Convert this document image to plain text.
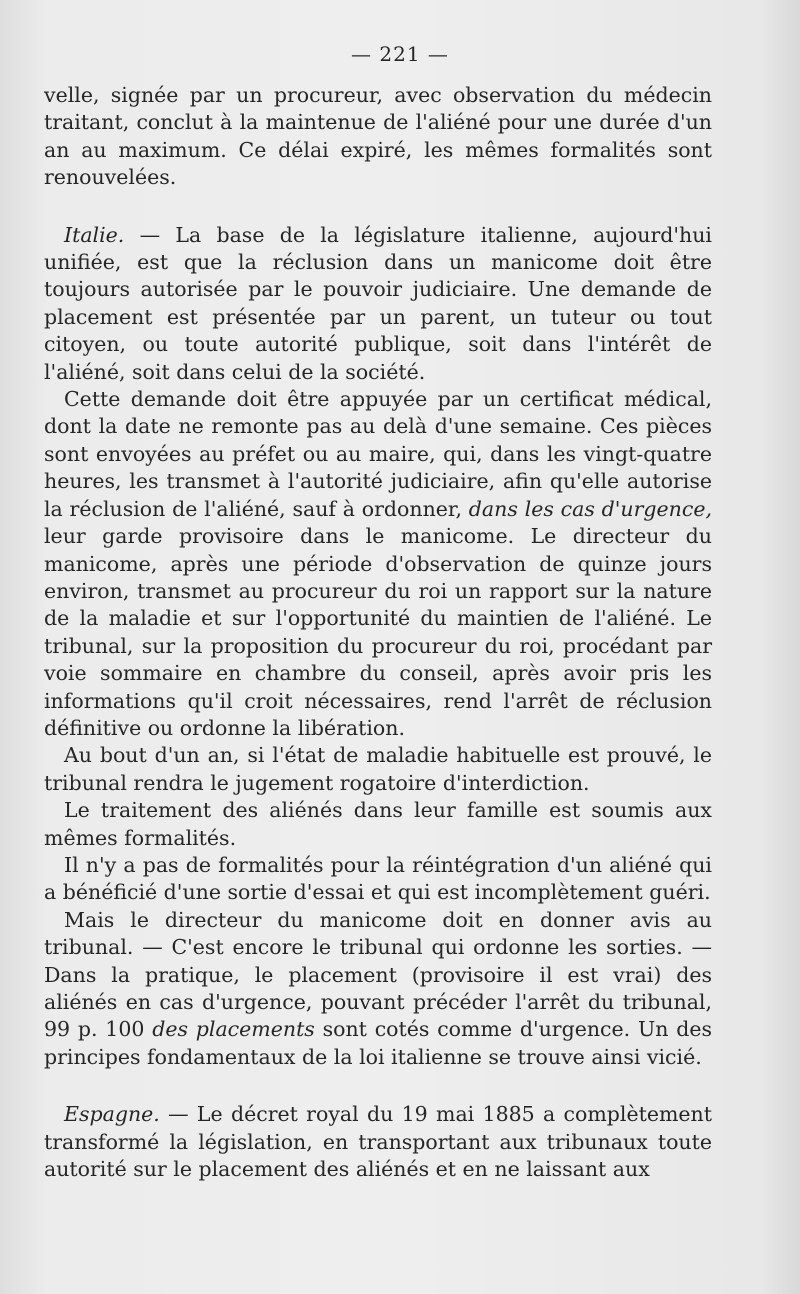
— 221 —

velle, signée par un procureur, avec observation du médecin traitant, conclut à la maintenue de l'aliéné pour une durée d'un an au maximum. Ce délai expiré, les mêmes formalités sont renouvelées.

Italie. — La base de la législature italienne, aujourd'hui unifiée, est que la réclusion dans un manicome doit être toujours autorisée par le pouvoir judiciaire. Une demande de placement est présentée par un parent, un tuteur ou tout citoyen, ou toute autorité publique, soit dans l'intérêt de l'aliéné, soit dans celui de la société.

Cette demande doit être appuyée par un certificat médical, dont la date ne remonte pas au delà d'une semaine. Ces pièces sont envoyées au préfet ou au maire, qui, dans les vingt-quatre heures, les transmet à l'autorité judiciaire, afin qu'elle autorise la réclusion de l'aliéné, sauf à ordonner, dans les cas d'urgence, leur garde provisoire dans le manicome. Le directeur du manicome, après une période d'observation de quinze jours environ, transmet au procureur du roi un rapport sur la nature de la maladie et sur l'opportunité du maintien de l'aliéné. Le tribunal, sur la proposition du procureur du roi, procédant par voie sommaire en chambre du conseil, après avoir pris les informations qu'il croit nécessaires, rend l'arrêt de réclusion définitive ou ordonne la libération.

Au bout d'un an, si l'état de maladie habituelle est prouvé, le tribunal rendra le jugement rogatoire d'interdiction.

Le traitement des aliénés dans leur famille est soumis aux mêmes formalités.

Il n'y a pas de formalités pour la réintégration d'un aliéné qui a bénéficié d'une sortie d'essai et qui est incomplètement guéri.

Mais le directeur du manicome doit en donner avis au tribunal. — C'est encore le tribunal qui ordonne les sorties. — Dans la pratique, le placement (provisoire il est vrai) des aliénés en cas d'urgence, pouvant précéder l'arrêt du tribunal, 99 p. 100 des placements sont cotés comme d'urgence. Un des principes fondamentaux de la loi italienne se trouve ainsi vicié.

Espagne. — Le décret royal du 19 mai 1885 a complètement transformé la législation, en transportant aux tribunaux toute autorité sur le placement des aliénés et en ne laissant aux
